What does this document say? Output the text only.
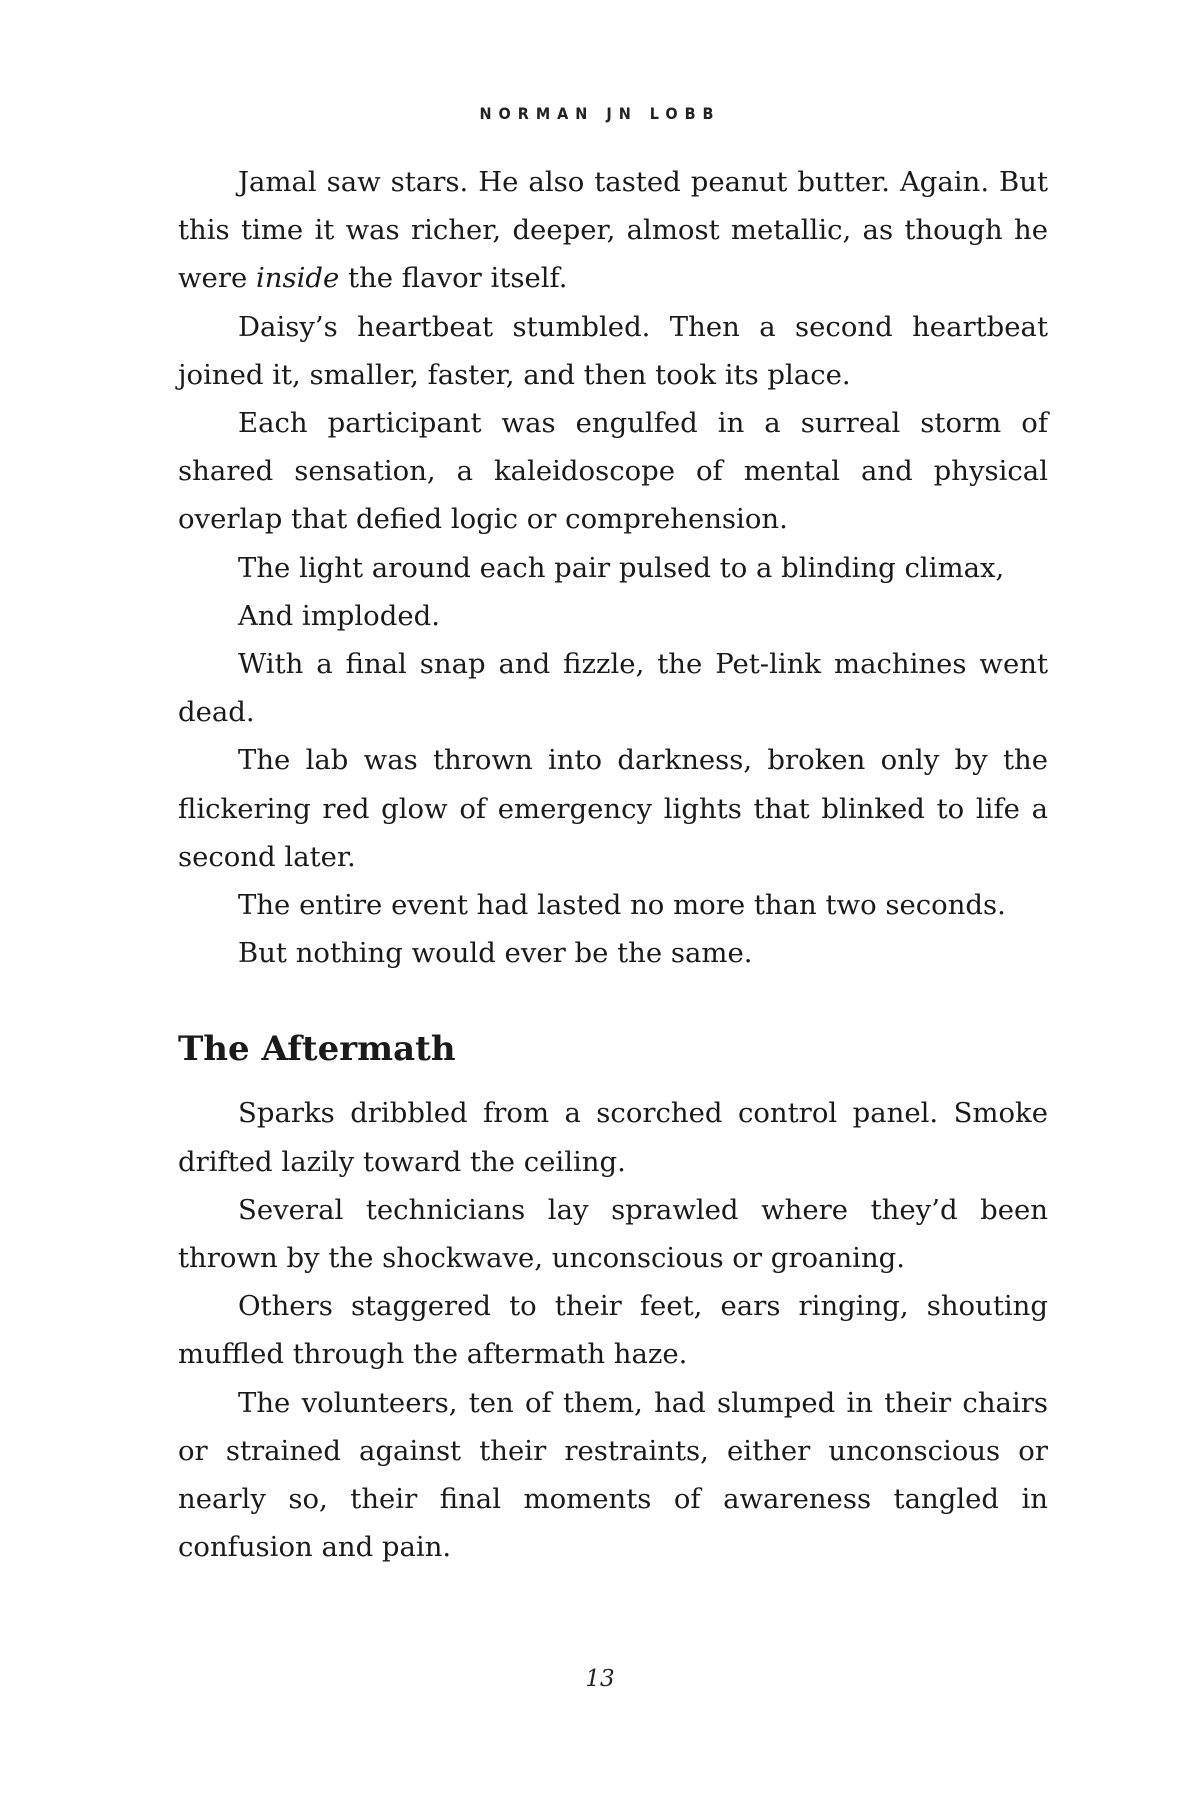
NORMAN JN LOBB

Jamal saw stars. He also tasted peanut butter. Again. But this time it was richer, deeper, almost metallic, as though he were inside the flavor itself.

Daisy’s heartbeat stumbled. Then a second heartbeat joined it, smaller, faster, and then took its place.

Each participant was engulfed in a surreal storm of shared sensation, a kaleidoscope of mental and physical overlap that defied logic or comprehension.

The light around each pair pulsed to a blinding climax,

And imploded.

With a final snap and fizzle, the Pet-link machines went dead.

The lab was thrown into darkness, broken only by the flickering red glow of emergency lights that blinked to life a second later.

The entire event had lasted no more than two seconds.

But nothing would ever be the same.

The Aftermath

Sparks dribbled from a scorched control panel. Smoke drifted lazily toward the ceiling.

Several technicians lay sprawled where they’d been thrown by the shockwave, unconscious or groaning.

Others staggered to their feet, ears ringing, shouting muffled through the aftermath haze.

The volunteers, ten of them, had slumped in their chairs or strained against their restraints, either unconscious or nearly so, their final moments of awareness tangled in confusion and pain.

13
